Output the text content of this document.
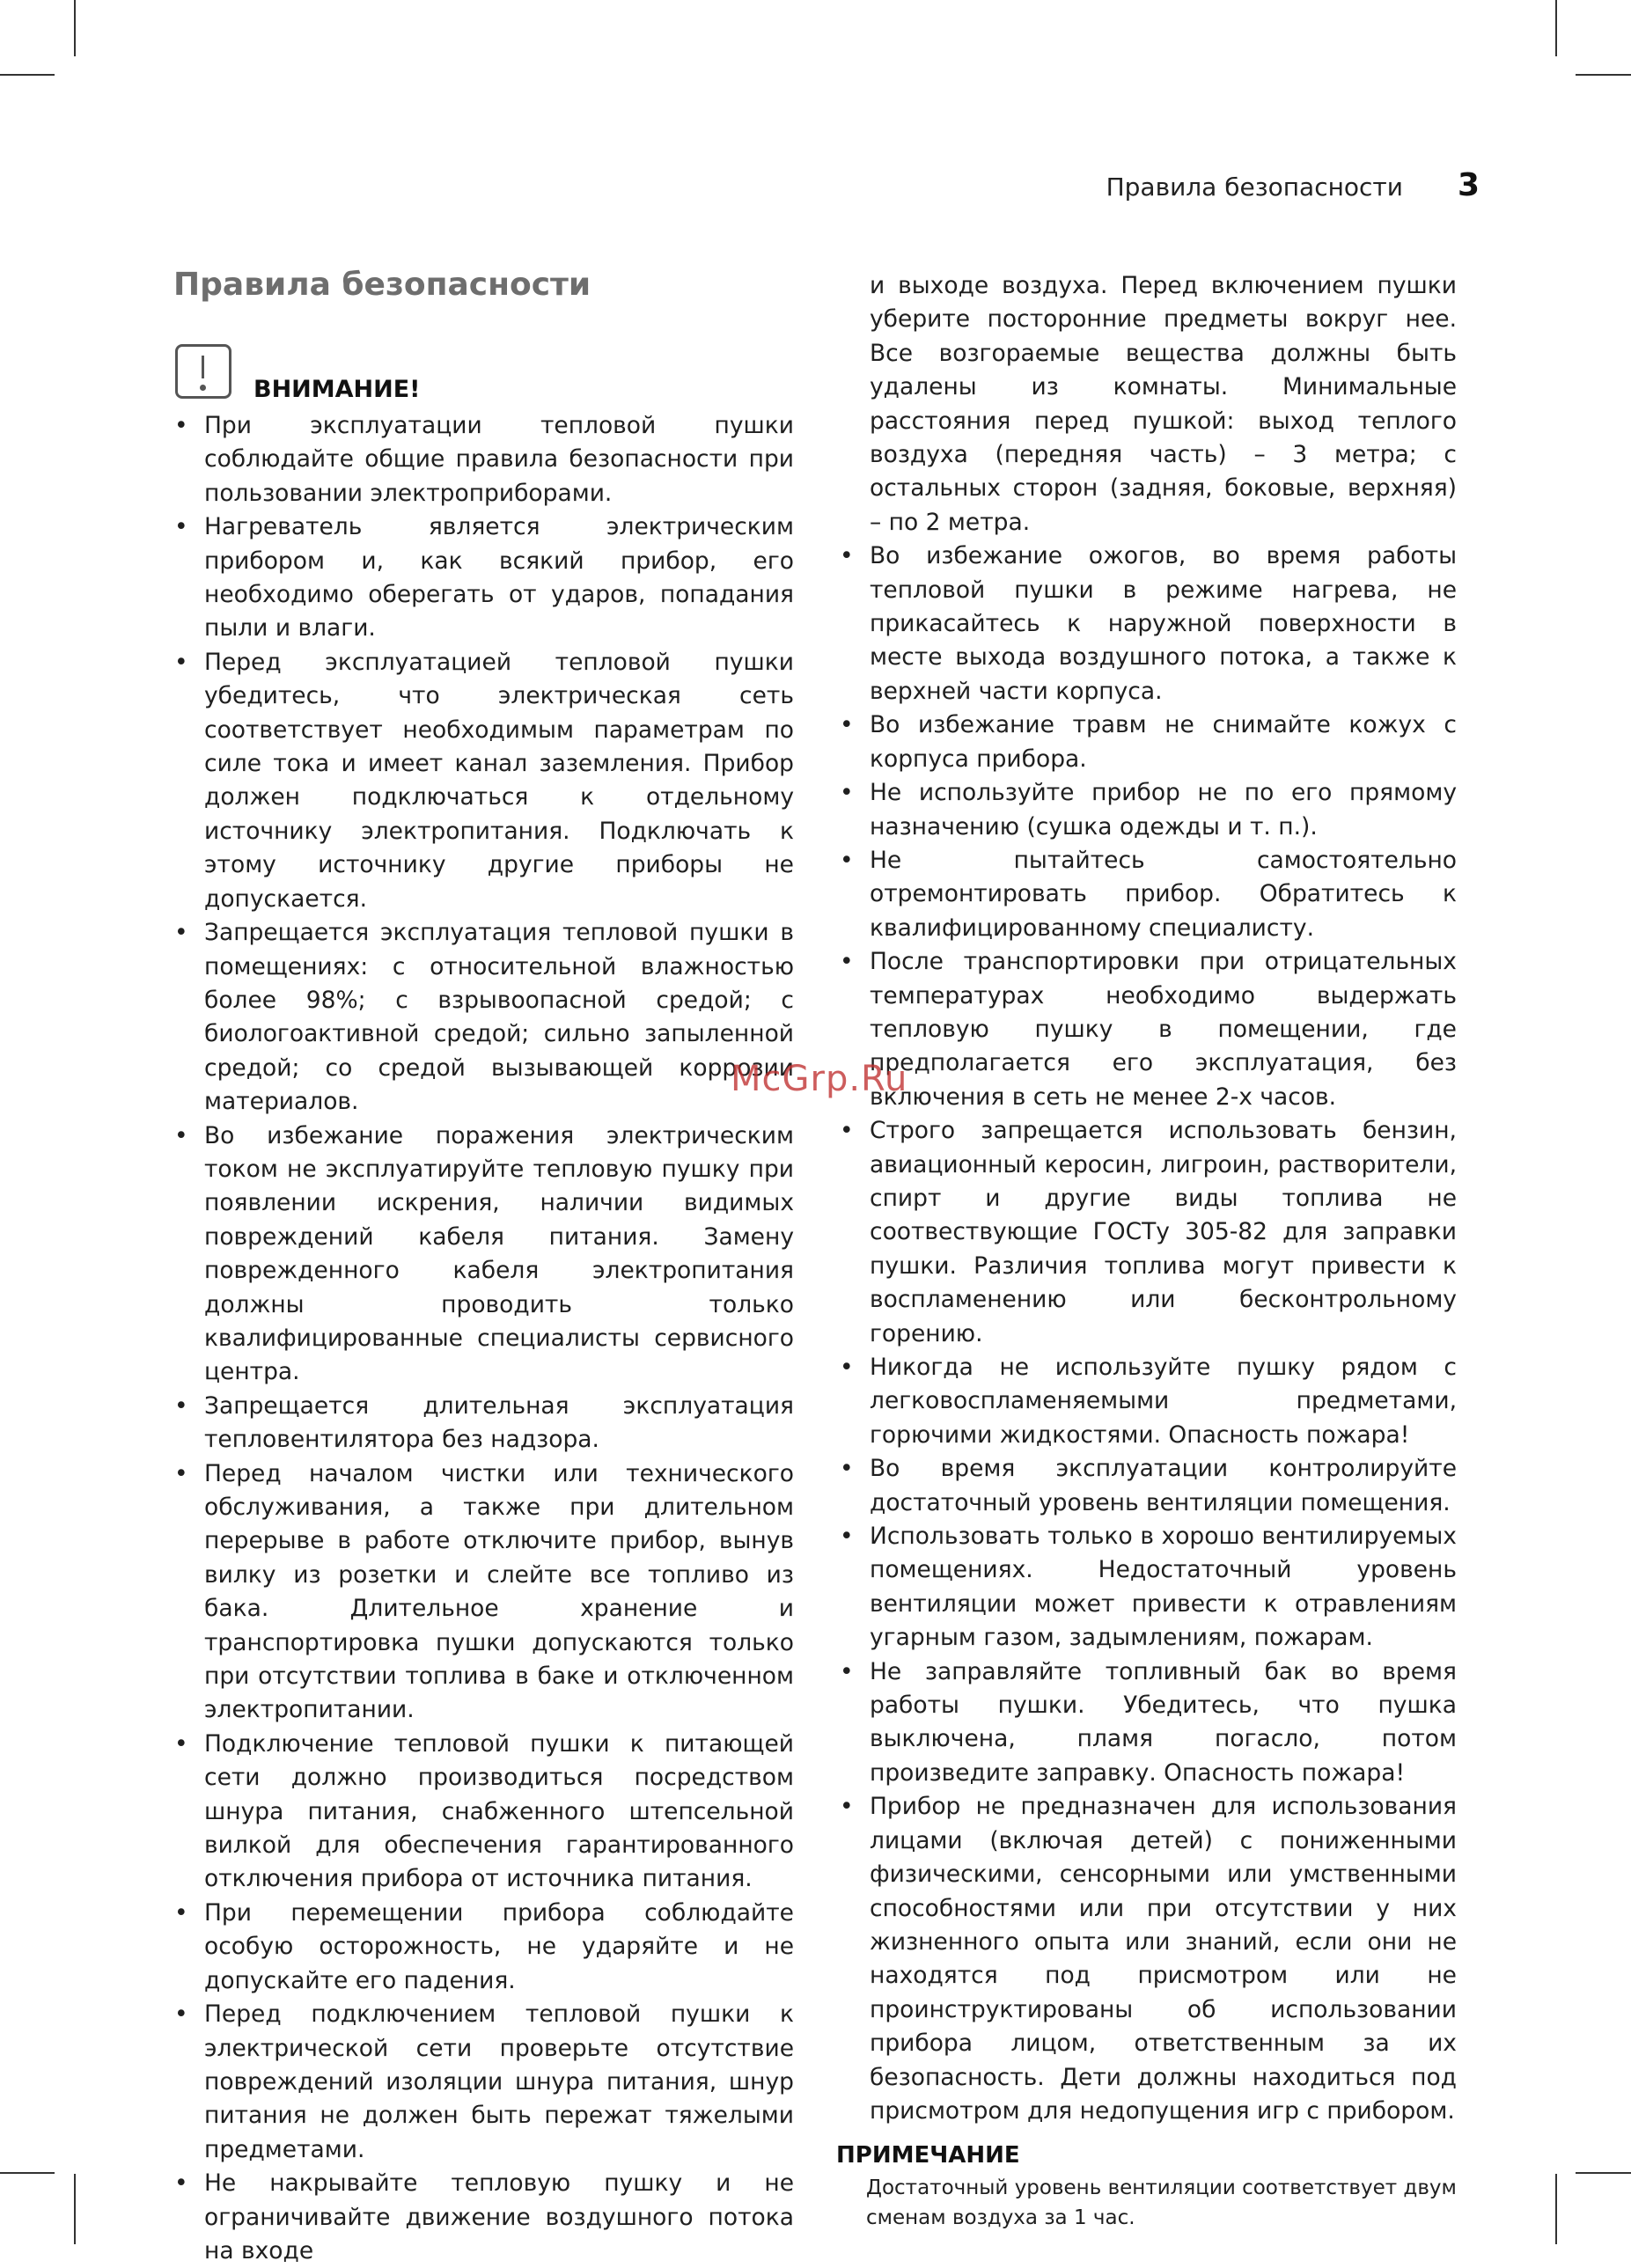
Правила безопасности 3
Правила безопасности
ВНИМАНИЕ!
• При эксплуатации тепловой пушки соблюдайте общие правила безопасности при пользовании электроприборами.
• Нагреватель является электрическим прибором и, как всякий прибор, его необходимо оберегать от ударов, попадания пыли и влаги.
• Перед эксплуатацией тепловой пушки убедитесь, что электрическая сеть соответствует необходимым параметрам по силе тока и имеет канал заземления. Прибор должен подключаться к отдельному источнику электропитания. Подключать к этому источнику другие приборы не допускается.
• Запрещается эксплуатация тепловой пушки в помещениях: с относительной влажностью более 98%; с взрывоопасной средой; с биологоактивной средой; сильно запыленной средой; со средой вызывающей коррозии материалов.
• Во избежание поражения электрическим током не эксплуатируйте тепловую пушку при появлении искрения, наличии видимых повреждений кабеля питания. Замену поврежденного кабеля электропитания должны проводить только квалифицированные специалисты сервисного центра.
• Запрещается длительная эксплуатация тепловентилятора без надзора.
• Перед началом чистки или технического обслуживания, а также при длительном перерыве в работе отключите прибор, вынув вилку из розетки и слейте все топливо из бака. Длительное хранение и транспортировка пушки допускаются только при отсутствии топлива в баке и отключенном электропитании.
• Подключение тепловой пушки к питающей сети должно производиться посредством шнура питания, снабженного штепсельной вилкой для обеспечения гарантированного отключения прибора от источника питания.
• При перемещении прибора соблюдайте особую осторожность, не ударяйте и не допускайте его падения.
• Перед подключением тепловой пушки к электрической сети проверьте отсутствие повреждений изоляции шнура питания, шнур питания не должен быть пережат тяжелыми предметами.
• Не накрывайте тепловую пушку и не ограничивайте движение воздушного потока на входе
и выходе воздуха. Перед включением пушки уберите посторонние предметы вокруг нее. Все возгораемые вещества должны быть удалены из комнаты. Минимальные расстояния перед пушкой: выход теплого воздуха (передняя часть) – 3 метра; с остальных сторон (задняя, боковые, верхняя) – по 2 метра.
• Во избежание ожогов, во время работы тепловой пушки в режиме нагрева, не прикасайтесь к наружной поверхности в месте выхода воздушного потока, а также к верхней части корпуса.
• Во избежание травм не снимайте кожух с корпуса прибора.
• Не используйте прибор не по его прямому назначению (сушка одежды и т. п.).
• Не пытайтесь самостоятельно отремонтировать прибор. Обратитесь к квалифицированному специалисту.
• После транспортировки при отрицательных температурах необходимо выдержать тепловую пушку в помещении, где предполагается его эксплуатация, без включения в сеть не менее 2-х часов.
• Строго запрещается использовать бензин, авиационный керосин, лигроин, растворители, спирт и другие виды топлива не соотвествующие ГОСТу 305-82 для заправки пушки. Различия топлива могут привести к воспламенению или бесконтрольному горению.
• Никогда не используйте пушку рядом с легковоспламеняемыми предметами, горючими жидкостями. Опасность пожара!
• Во время эксплуатации контролируйте достаточный уровень вентиляции помещения.
• Использовать только в хорошо вентилируемых помещениях. Недостаточный уровень вентиляции может привести к отравлениям угарным газом, задымлениям, пожарам.
• Не заправляйте топливный бак во время работы пушки. Убедитесь, что пушка выключена, пламя погасло, потом произведите заправку. Опасность пожара!
• Прибор не предназначен для использования лицами (включая детей) с пониженными физическими, сенсорными или умственными способностями или при отсутствии у них жизненного опыта или знаний, если они не находятся под присмотром или не проинструктированы об использовании прибора лицом, ответственным за их безопасность. Дети должны находиться под присмотром для недопущения игр с прибором.
ПРИМЕЧАНИЕ
Достаточный уровень вентиляции соответствует двум сменам воздуха за 1 час.
McGrp.Ru
